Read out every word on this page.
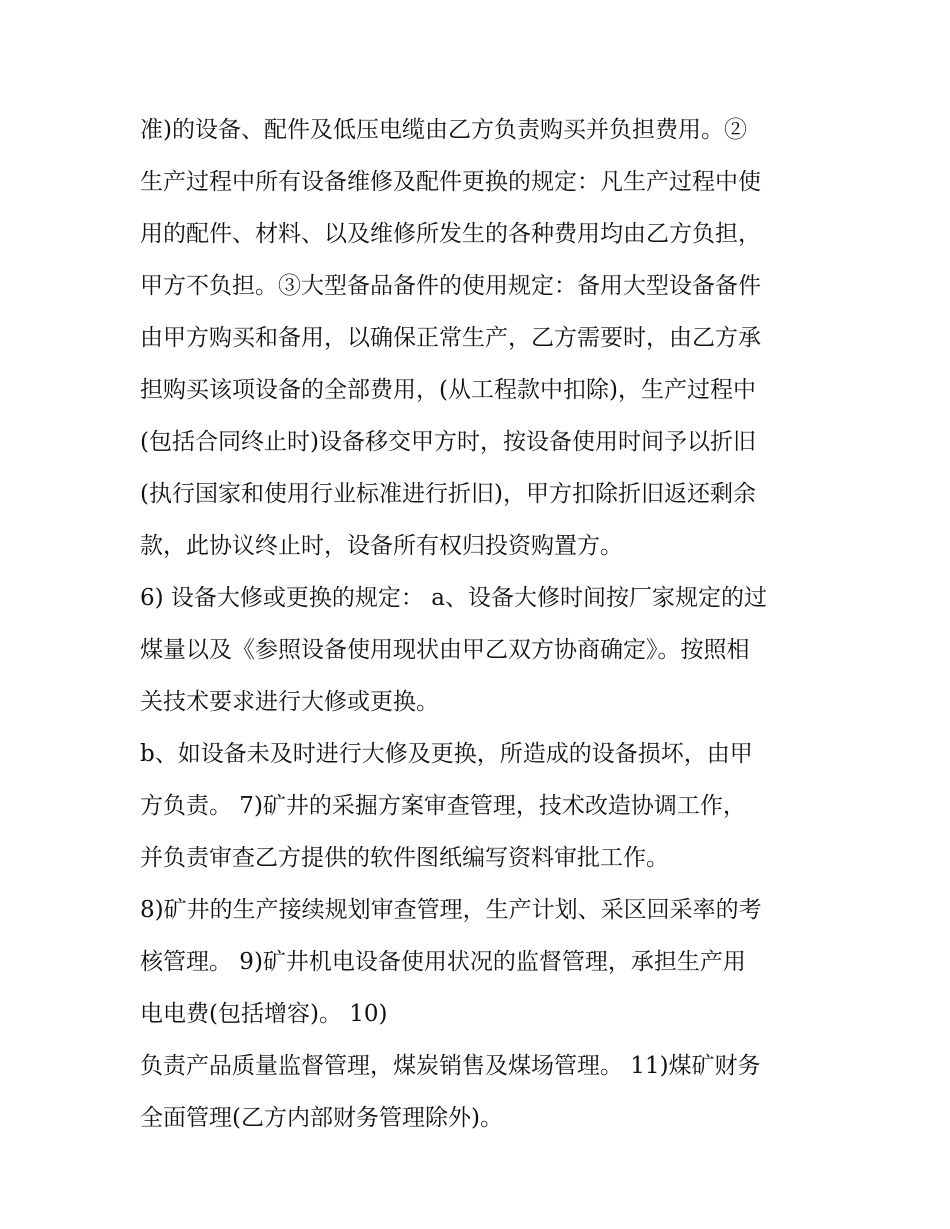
准)的设备、配件及低压电缆由乙方负责购买并负担费用。②
生产过程中所有设备维修及配件更换的规定：凡生产过程中使
用的配件、材料、以及维修所发生的各种费用均由乙方负担，
甲方不负担。③大型备品备件的使用规定：备用大型设备备件
由甲方购买和备用，以确保正常生产，乙方需要时，由乙方承
担购买该项设备的全部费用，(从工程款中扣除)，生产过程中
(包括合同终止时)设备移交甲方时，按设备使用时间予以折旧
(执行国家和使用行业标准进行折旧)，甲方扣除折旧返还剩余
款，此协议终止时，设备所有权归投资购置方。
6) 设备大修或更换的规定： a、设备大修时间按厂家规定的过
煤量以及《参照设备使用现状由甲乙双方协商确定》。按照相
关技术要求进行大修或更换。
b、如设备未及时进行大修及更换，所造成的设备损坏，由甲
方负责。 7)矿井的采掘方案审查管理，技术改造协调工作，
并负责审查乙方提供的软件图纸编写资料审批工作。
8)矿井的生产接续规划审查管理，生产计划、采区回采率的考
核管理。 9)矿井机电设备使用状况的监督管理，承担生产用
电电费(包括增容)。 10)
负责产品质量监督管理，煤炭销售及煤场管理。 11)煤矿财务
全面管理(乙方内部财务管理除外)。
